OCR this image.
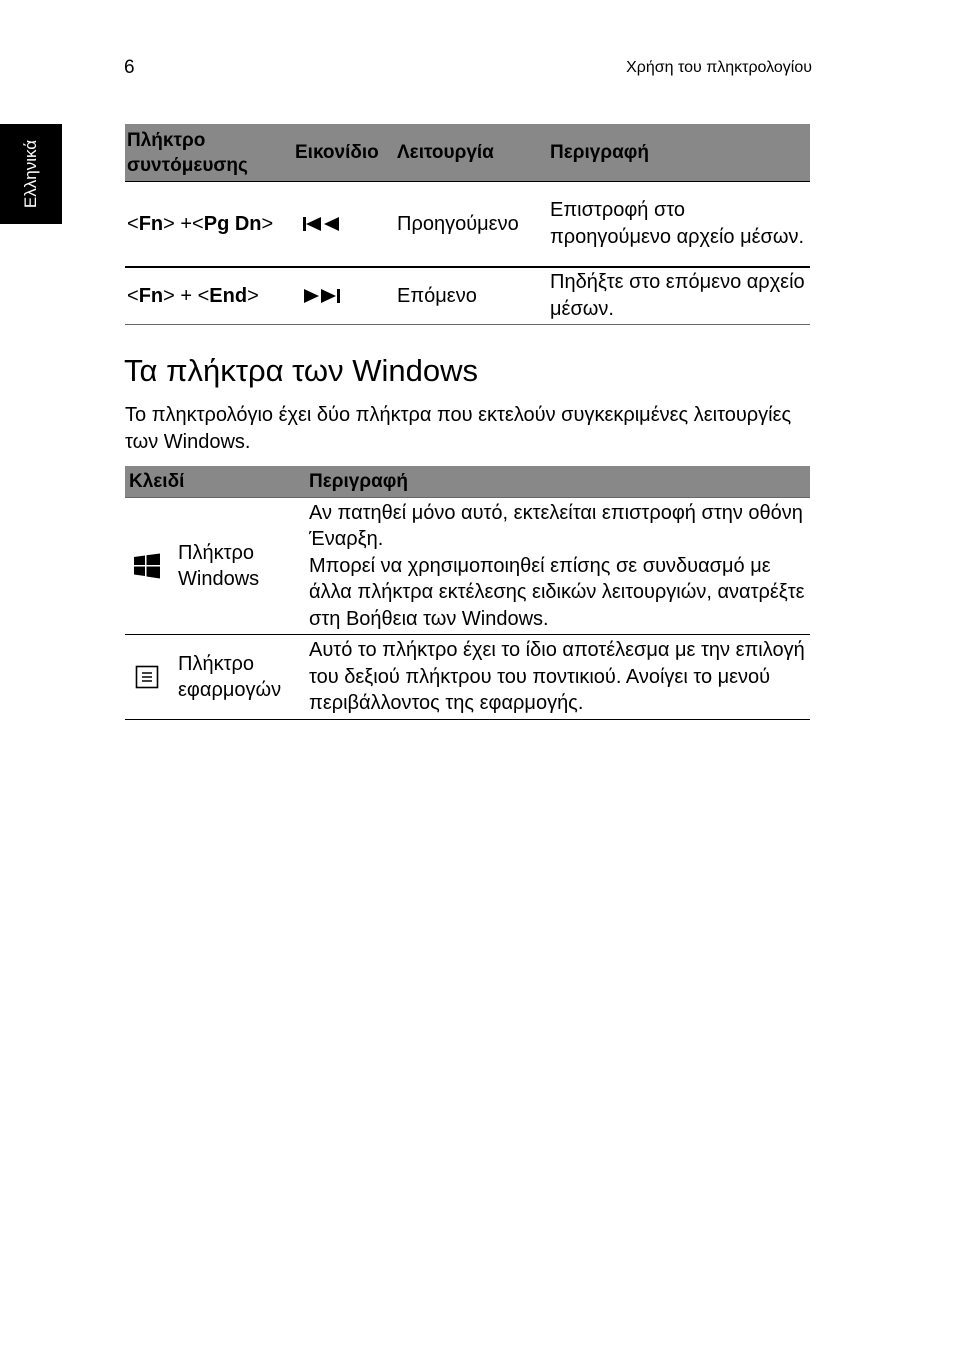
6	Χρήση του πληκτρολογίου
Ελληνικά	Πλήκτρο
συντόμευσης	Εικονίδιο	Λειτουργία	Περιγραφή
<Fn> +<Pg Dn>		Προηγούμενο	Επιστροφή στο προηγούμενο αρχείο μέσων.
<Fn> + <End>		Επόμενο	Πηδήξτε στο επόμενο αρχείο μέσων.
Τα πλήκτρα των Windows

Το πληκτρολόγιο έχει δύο πλήκτρα που εκτελούν συγκεκριμένες λειτουργίες των Windows.

Κλειδί		Περιγραφή

	Πλήκτρο Windows	Αν πατηθεί μόνο αυτό, εκτελείται επιστροφή στην οθόνη Έναρξη.
Μπορεί να χρησιμοποιηθεί επίσης σε συνδυασμό με άλλα πλήκτρα εκτέλεσης ειδικών λειτουργιών, ανατρέξτε στη Βοήθεια των Windows.

	Πλήκτρο εφαρμογών	Αυτό το πλήκτρο έχει το ίδιο αποτέλεσμα με την επιλογή του δεξιού πλήκτρου του ποντικιού. Ανοίγει το μενού περιβάλλοντος της εφαρμογής.
